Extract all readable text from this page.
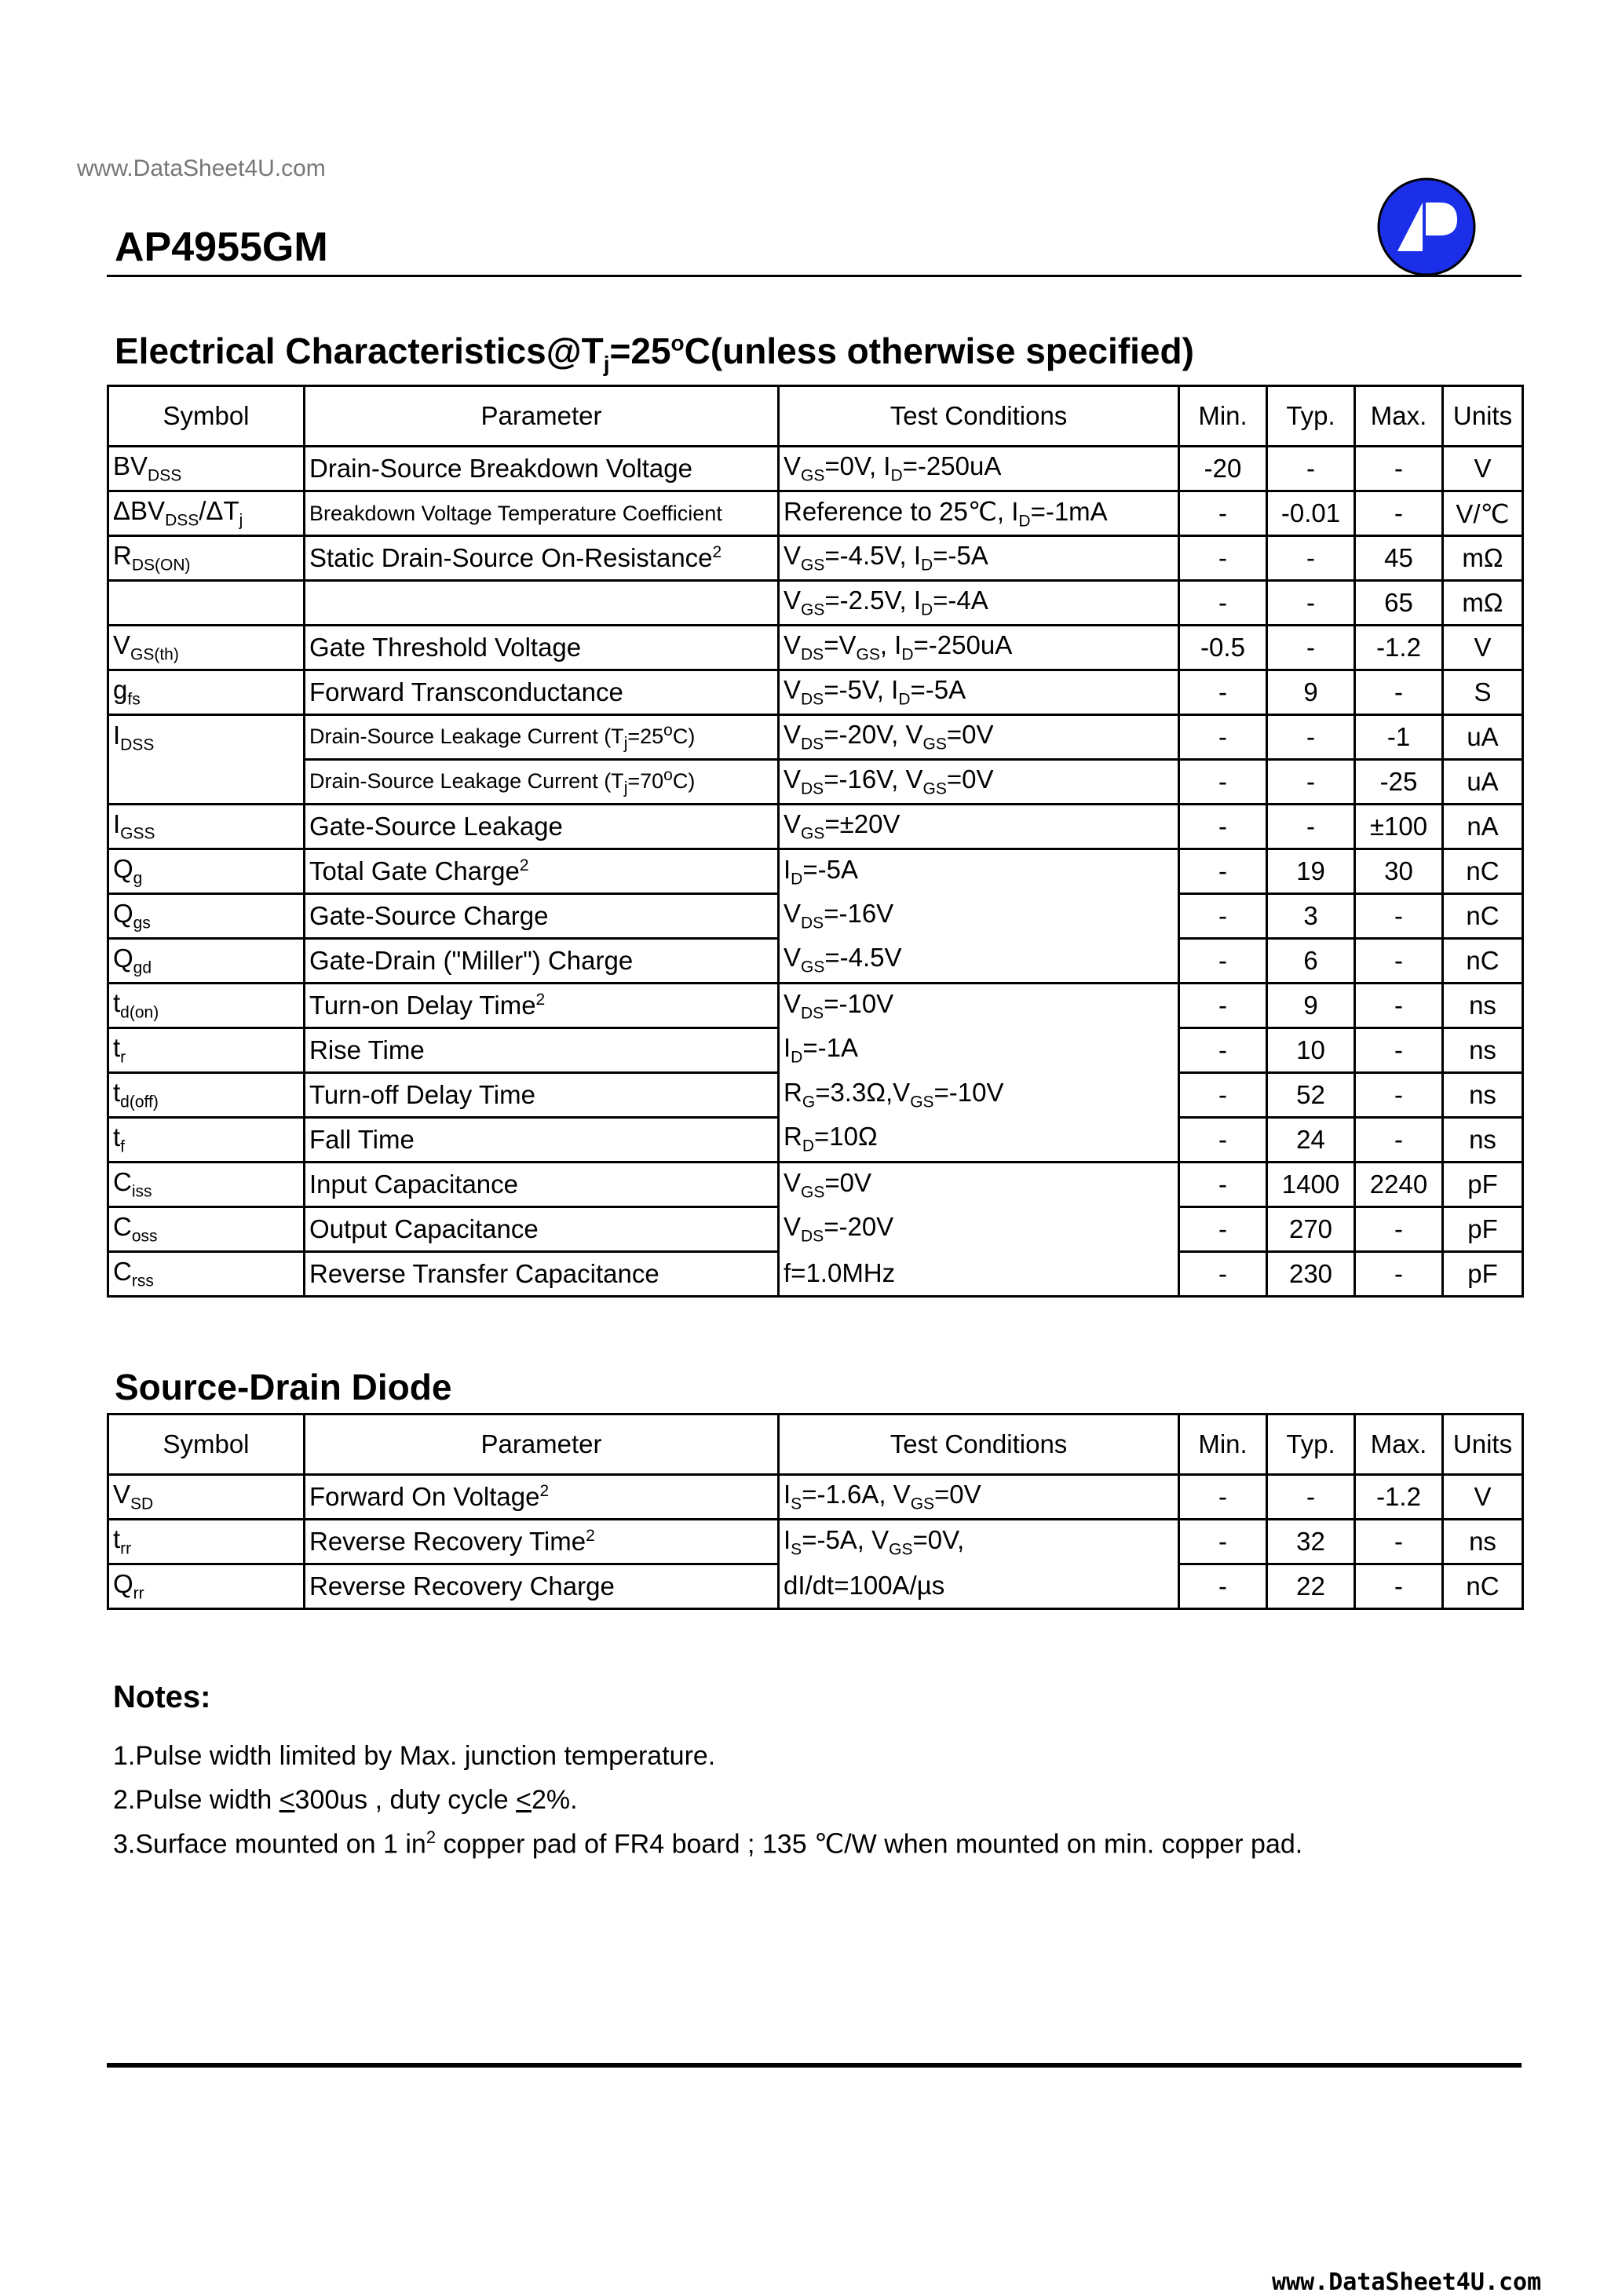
www.DataSheet4U.com
AP4955GM
Electrical $Characteristics@T_j=25^oC(unless$ otherwise specified)
Symbol	Parameter	Test Conditions	Min.	Typ.	Max.	Units
$BV_{DSS}$	Drain-Source Breakdown Voltage	$V_{GS}=0V$, $I_D=-250uA$	-20	-	-	V
$\Delta BV_{DSS}/\Delta T_j$	Breakdown Voltage Temperature Coefficient	Reference to 25℃, $I_D=-1mA$	-	-0.01	-	V/℃
$R_{DS(ON)}$	Static Drain-Source On-Resistance$^2$	$V_{GS}=-4.5V$, $I_D=-5A$	-	-	45	mΩ
		$V_{GS}=-2.5V$, $I_D=-4A$	-	-	65	mΩ
$V_{GS(th)}$	Gate Threshold Voltage	$V_{DS}=V_{GS}$, $I_D=-250uA$	-0.5	-	-1.2	V
$g_{fs}$	Forward Transconductance	$V_{DS}=-5V$, $I_D=-5A$	-	9	-	S
$I_{DSS}$	Drain-Source Leakage Current $(T_j=25^oC)$	$V_{DS}=-20V$, $V_{GS}=0V$	-	-	-1	uA
	Drain-Source Leakage Current $(T_j=70^oC)$	$V_{DS}=-16V$, $V_{GS}=0V$	-	-	-25	uA
$I_{GSS}$	Gate-Source Leakage	$V_{GS}=\pm 20V$	-	-	±100	nA
$Q_g$	Total Gate Charge$^2$	$I_D=-5A$	-	19	30	nC
$Q_{gs}$	Gate-Source Charge	$V_{DS}=-16V$	-	3	-	nC
$Q_{gd}$	Gate-Drain ("Miller") Charge	$V_{GS}=-4.5V$	-	6	-	nC
$t_{d(on)}$	Turn-on Delay Time$^2$	$V_{DS}=-10V$	-	9	-	ns
$t_r$	Rise Time	$I_D=-1A$	-	10	-	ns
$t_{d(off)}$	Turn-off Delay Time	$R_G=3.3\Omega,V_{GS}=-10V$	-	52	-	ns
$t_f$	Fall Time	$R_D=10\Omega$	-	24	-	ns
$C_{iss}$	Input Capacitance	$V_{GS}=0V$	-	1400	2240	pF
$C_{oss}$	Output Capacitance	$V_{DS}=-20V$	-	270	-	pF
$C_{rss}$	Reverse Transfer Capacitance	f=1.0MHz	-	230	-	pF
Source-Drain Diode
Symbol	Parameter	Test Conditions	Min.	Typ.	Max.	Units
$V_{SD}$	Forward On Voltage$^2$	$I_S=-1.6A$, $V_{GS}=0V$	-	-	-1.2	V
$t_{rr}$	Reverse Recovery Time$^2$	$I_S=-5A$, $V_{GS}=0V$,	-	32	-	ns
$Q_{rr}$	Reverse Recovery Charge	dI/dt=100A/µs	-	22	-	nC
Notes:
1.Pulse width limited by Max. junction temperature.
2.Pulse width <300us , duty cycle <2%.
3.Surface mounted on 1 $in^2$ copper pad of FR4 board ; 135 ℃/W when mounted on min. copper pad.
www.DataSheet4U.com
